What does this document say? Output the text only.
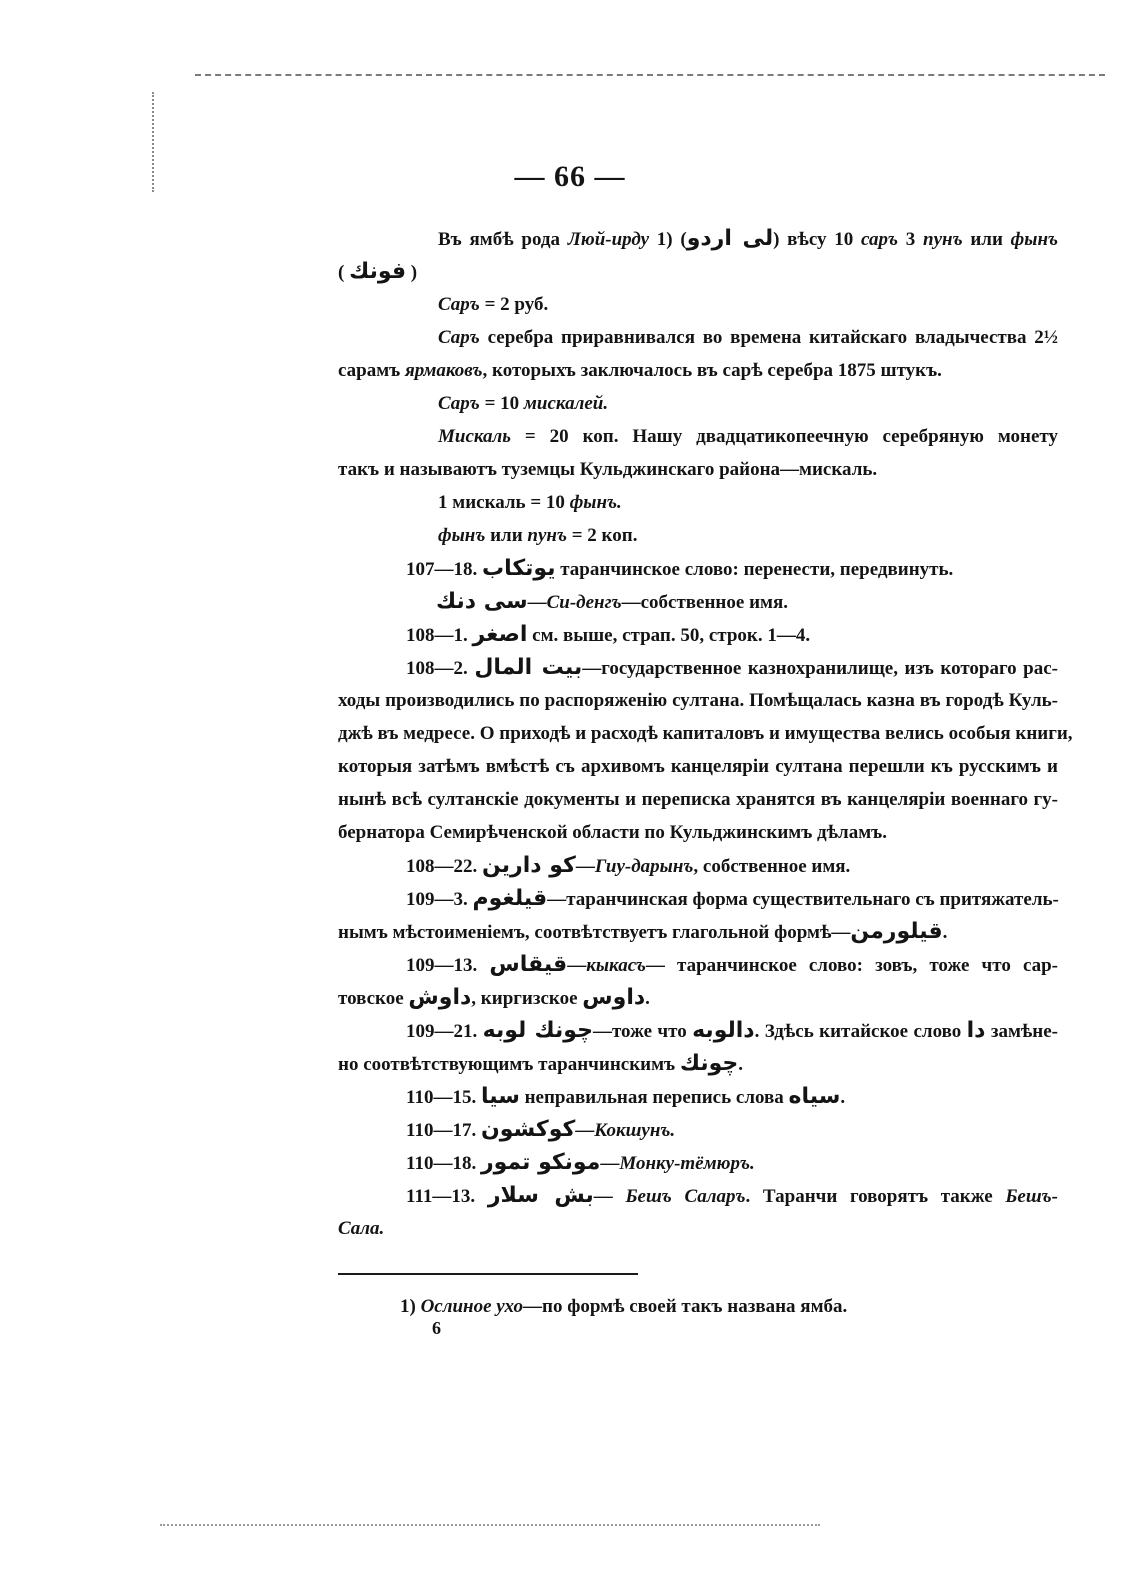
— 66 —
Въ ямбѣ рода Люй-ирду 1) (لى اردو) вѣсу 10 саръ 3 пунъ или фынъ
( فونك )
Саръ = 2 руб.
Саръ серебра приравнивался во времена китайскаго владычества 2½
сарамъ ярмаковъ, которыхъ заключалось въ сарѣ серебра 1875 штукъ.
Саръ = 10 мискалей.
Мискаль = 20 коп. Нашу двадцатикопеечную серебряную монету
такъ и называютъ туземцы Кульджинскаго района—мискаль.
1 мискаль = 10 фынъ.
фынъ или пунъ = 2 коп.
107—18. يوتكاب таранчинское слово: перенести, передвинуть.
سى دنك—Си-денгъ—собственное имя.
108—1. اصغر см. выше, страп. 50, строк. 1—4.
108—2. بيت المال—государственное казнохранилище, изъ котораго рас-
ходы производились по распоряженію султана. Помѣщалась казна въ городѣ Куль-
джѣ въ медресе. О приходѣ и расходѣ капиталовъ и имущества велись особыя книги,
которыя затѣмъ вмѣстѣ съ архивомъ канцеляріи султана перешли къ русскимъ и
нынѣ всѣ султанскіе документы и переписка хранятся въ канцеляріи военнаго гу-
бернатора Семирѣченской области по Кульджинскимъ дѣламъ.
108—22. كو دارين—Гиу-дарынъ, собственное имя.
109—3. قيلغوم—таранчинская форма существительнаго съ притяжатель-
нымъ мѣстоименіемъ, соотвѣтствуетъ глагольной формѣ—قيلورمن.
109—13. قيقاس—кыкасъ— таранчинское слово: зовъ, тоже что сар-
товское داوش, киргизское داوس.
109—21. چونك لوبه—тоже что دالوبه. Здѣсь китайское слово دا замѣне-
но соотвѣтствующимъ таранчинскимъ چونك.
110—15. سيا неправильная перепись слова سياه.
110—17. كوكشون—Кокшунъ.
110—18. مونكو تمور—Монку-тёмюръ.
111—13. بش سلار— Бешъ Саларъ. Таранчи говорятъ также Бешъ-
Сала.
1) Ослиное ухо—по формѣ своей такъ названа ямба.
6
